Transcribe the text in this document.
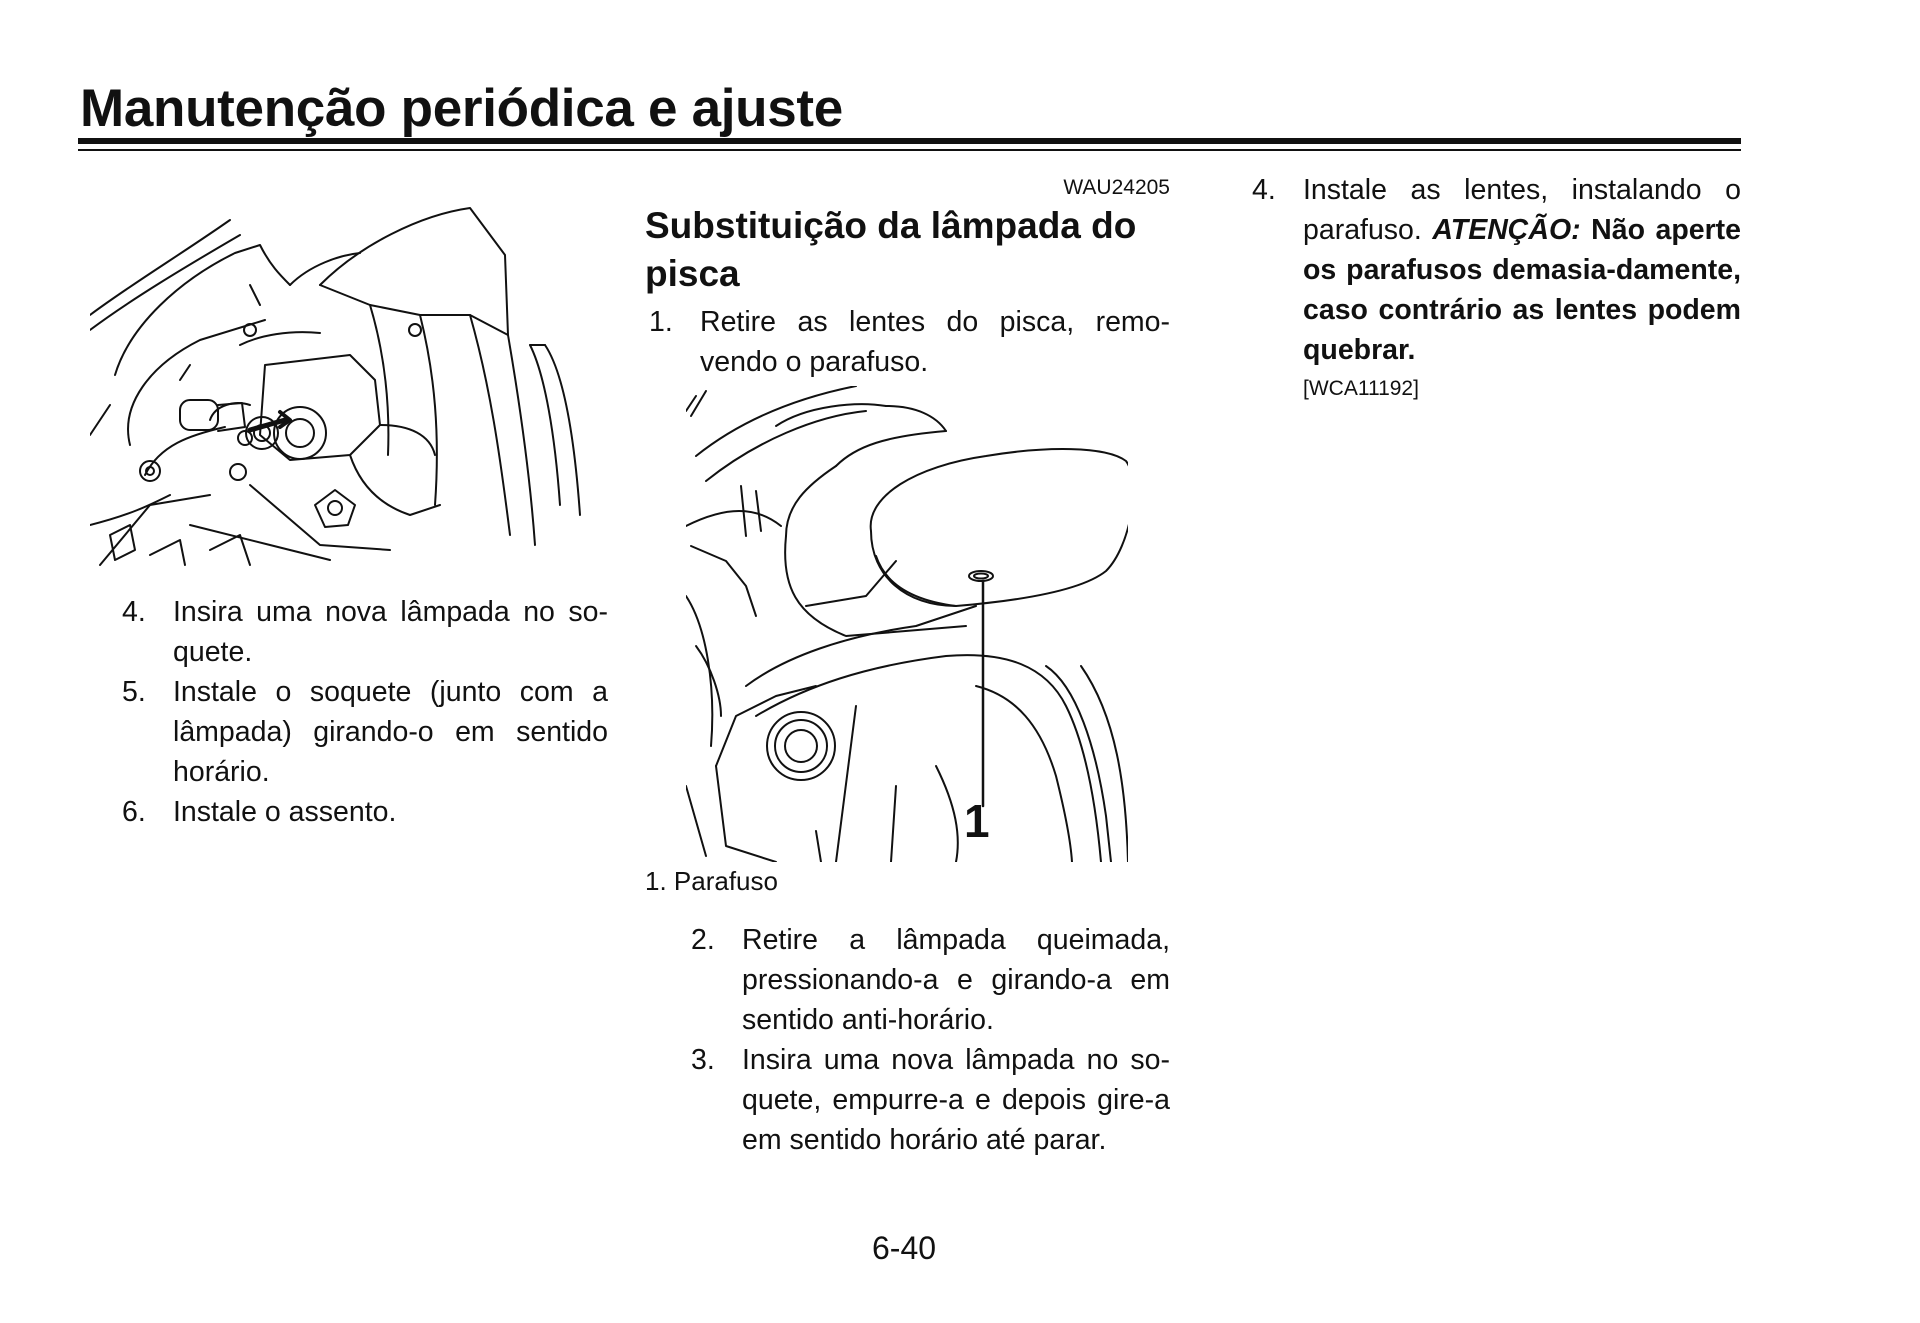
Manutenção periódica e ajuste
4. Insira uma nova lâmpada no so-quete.
5. Instale o soquete (junto com a lâmpada) girando-o em sentido horário.
6. Instale o assento.
WAU24205
Substituição da lâmpada do pisca
1. Retire as lentes do pisca, remo-vendo o parafuso.
1
1. Parafuso
2. Retire a lâmpada queimada, pressionando-a e girando-a em sentido anti-horário.
3. Insira uma nova lâmpada no so-quete, empurre-a e depois gire-a em sentido horário até parar.
4. Instale as lentes, instalando o parafuso. ATENÇÃO: Não aperte os parafusos demasia-damente, caso contrário as lentes podem quebrar.
[WCA11192]
6-40
